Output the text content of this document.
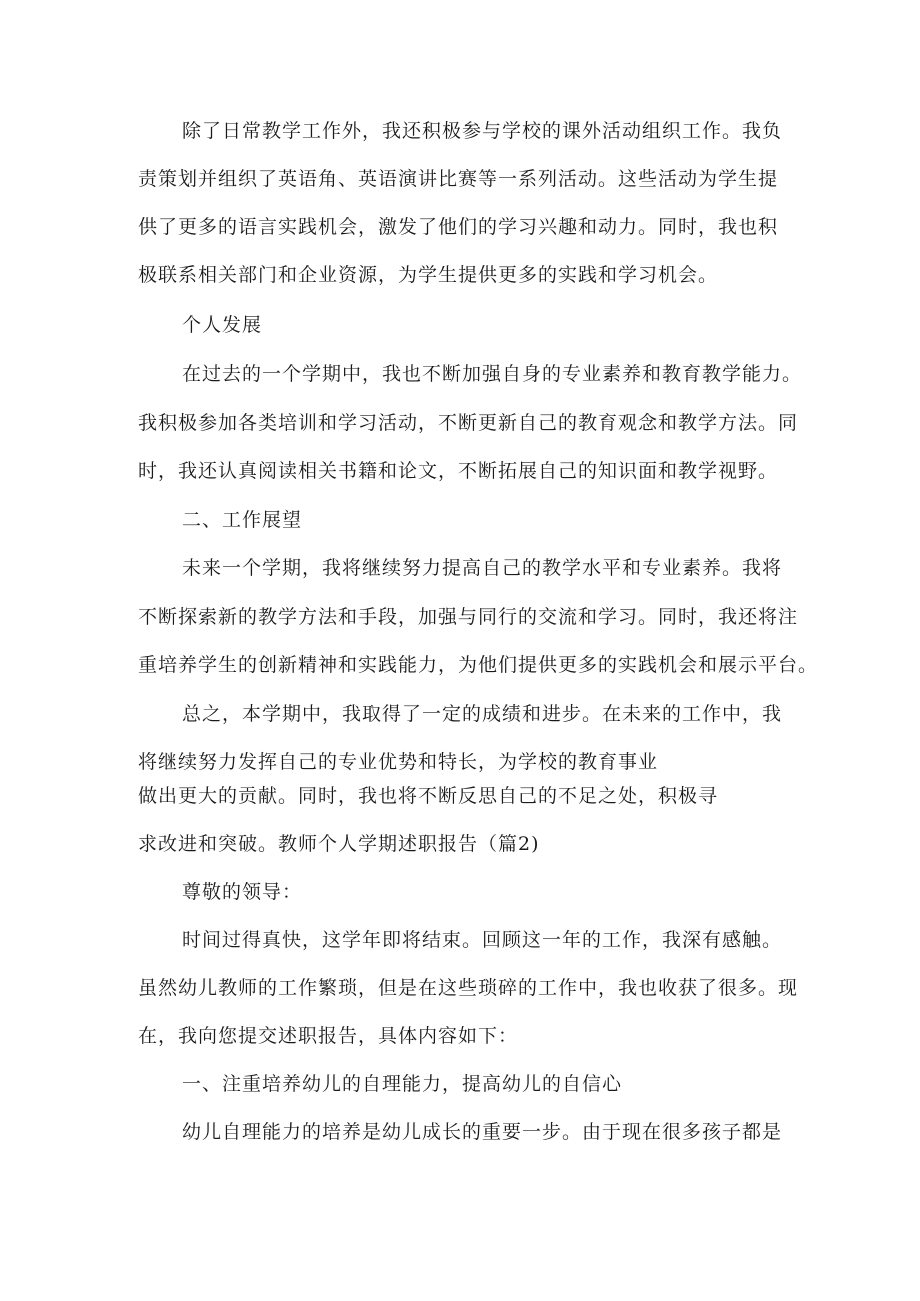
除了日常教学工作外，我还积极参与学校的课外活动组织工作。我负
责策划并组织了英语角、英语演讲比赛等一系列活动。这些活动为学生提
供了更多的语言实践机会，激发了他们的学习兴趣和动力。同时，我也积
极联系相关部门和企业资源，为学生提供更多的实践和学习机会。
个人发展
在过去的一个学期中，我也不断加强自身的专业素养和教育教学能力。
我积极参加各类培训和学习活动，不断更新自己的教育观念和教学方法。同
时，我还认真阅读相关书籍和论文，不断拓展自己的知识面和教学视野。
二、工作展望
未来一个学期，我将继续努力提高自己的教学水平和专业素养。我将
不断探索新的教学方法和手段，加强与同行的交流和学习。同时，我还将注
重培养学生的创新精神和实践能力，为他们提供更多的实践机会和展示平台。
总之，本学期中，我取得了一定的成绩和进步。在未来的工作中，我
将继续努力发挥自己的专业优势和特长，为学校的教育事业
做出更大的贡献。同时，我也将不断反思自己的不足之处，积极寻
求改进和突破。教师个人学期述职报告（篇2)
尊敬的领导：
时间过得真快，这学年即将结束。回顾这一年的工作，我深有感触。
虽然幼儿教师的工作繁琐，但是在这些琐碎的工作中，我也收获了很多。现
在，我向您提交述职报告，具体内容如下：
一、注重培养幼儿的自理能力，提高幼儿的自信心
幼儿自理能力的培养是幼儿成长的重要一步。由于现在很多孩子都是
